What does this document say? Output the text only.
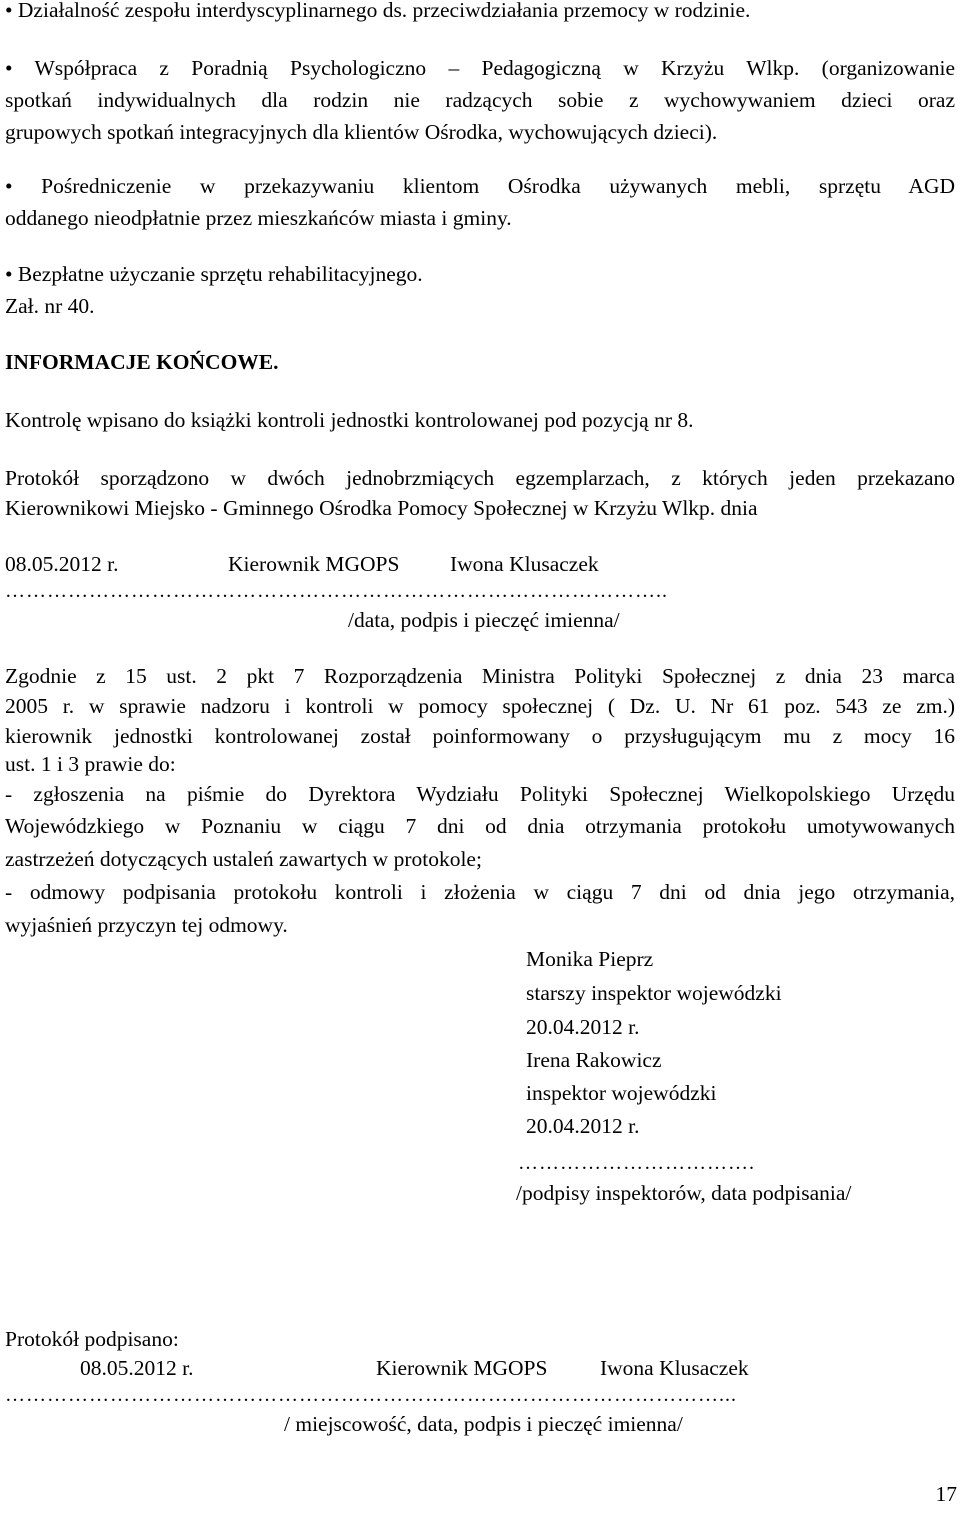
• Działalność zespołu interdyscyplinarnego ds. przeciwdziałania przemocy w rodzinie.
• Współpraca z Poradnią Psychologiczno – Pedagogiczną w Krzyżu Wlkp. (organizowanie
spotkań indywidualnych dla rodzin nie radzących sobie z wychowywaniem dzieci oraz
grupowych spotkań integracyjnych dla klientów Ośrodka, wychowujących dzieci).
• Pośredniczenie w przekazywaniu klientom Ośrodka używanych mebli, sprzętu AGD
oddanego nieodpłatnie przez mieszkańców miasta i gminy.
• Bezpłatne użyczanie sprzętu rehabilitacyjnego.
Zał. nr 40.
INFORMACJE KOŃCOWE.
Kontrolę wpisano do książki kontroli jednostki kontrolowanej pod pozycją nr 8.
Protokół sporządzono w dwóch jednobrzmiących egzemplarzach, z których jeden przekazano
Kierownikowi Miejsko - Gminnego Ośrodka Pomocy Społecznej w Krzyżu Wlkp. dnia
08.05.2012 r.	Kierownik MGOPS Iwona Klusaczek
…………………………………………………………………………………..
/data, podpis i pieczęć imienna/
Zgodnie z 15 ust. 2 pkt 7 Rozporządzenia Ministra Polityki Społecznej z dnia 23 marca
2005 r. w sprawie nadzoru i kontroli w pomocy społecznej ( Dz. U. Nr 61 poz. 543 ze zm.)
kierownik jednostki kontrolowanej został poinformowany o przysługującym mu z mocy 16
ust. 1 i 3 prawie do:
- zgłoszenia na piśmie do Dyrektora Wydziału Polityki Społecznej Wielkopolskiego Urzędu
Wojewódzkiego w Poznaniu w ciągu 7 dni od dnia otrzymania protokołu umotywowanych
zastrzeżeń dotyczących ustaleń zawartych w protokole;
- odmowy podpisania protokołu kontroli i złożenia w ciągu 7 dni od dnia jego otrzymania,
wyjaśnień przyczyn tej odmowy.
Monika Pieprz
starszy inspektor wojewódzki
20.04.2012 r.
Irena Rakowicz
inspektor wojewódzki
20.04.2012 r.
…………………………….
/podpisy inspektorów, data podpisania/
Protokół podpisano:
08.05.2012 r.	Kierownik MGOPS Iwona Klusaczek
…………………………………………………………………………………………...
/ miejscowość, data, podpis i pieczęć imienna/
17
